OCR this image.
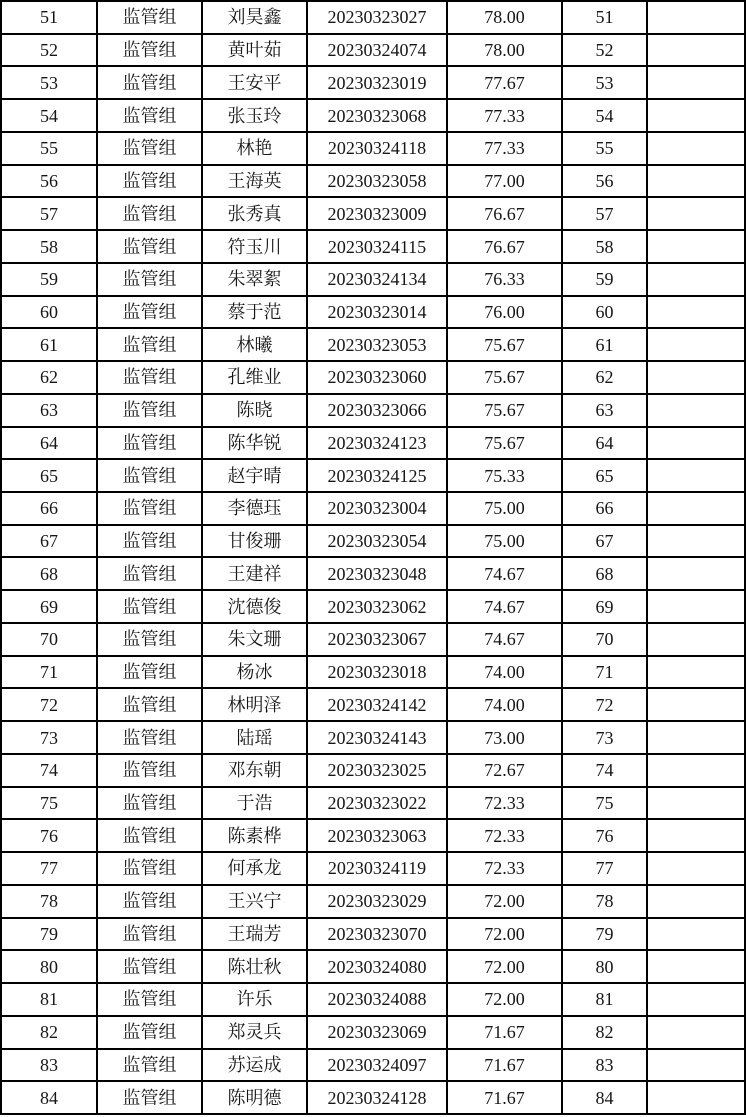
51	监管组	刘昊鑫	20230323027	78.00	51	
52	监管组	黄叶茹	20230324074	78.00	52	
53	监管组	王安平	20230323019	77.67	53	
54	监管组	张玉玲	20230323068	77.33	54	
55	监管组	林艳	20230324118	77.33	55	
56	监管组	王海英	20230323058	77.00	56	
57	监管组	张秀真	20230323009	76.67	57	
58	监管组	符玉川	20230324115	76.67	58	
59	监管组	朱翠絮	20230324134	76.33	59	
60	监管组	蔡于范	20230323014	76.00	60	
61	监管组	林曦	20230323053	75.67	61	
62	监管组	孔维业	20230323060	75.67	62	
63	监管组	陈晓	20230323066	75.67	63	
64	监管组	陈华锐	20230324123	75.67	64	
65	监管组	赵宇晴	20230324125	75.33	65	
66	监管组	李德珏	20230323004	75.00	66	
67	监管组	甘俊珊	20230323054	75.00	67	
68	监管组	王建祥	20230323048	74.67	68	
69	监管组	沈德俊	20230323062	74.67	69	
70	监管组	朱文珊	20230323067	74.67	70	
71	监管组	杨冰	20230323018	74.00	71	
72	监管组	林明泽	20230324142	74.00	72	
73	监管组	陆瑶	20230324143	73.00	73	
74	监管组	邓东朝	20230323025	72.67	74	
75	监管组	于浩	20230323022	72.33	75	
76	监管组	陈素桦	20230323063	72.33	76	
77	监管组	何承龙	20230324119	72.33	77	
78	监管组	王兴宁	20230323029	72.00	78	
79	监管组	王瑞芳	20230323070	72.00	79	
80	监管组	陈壮秋	20230324080	72.00	80	
81	监管组	许乐	20230324088	72.00	81	
82	监管组	郑灵兵	20230323069	71.67	82	
83	监管组	苏运成	20230324097	71.67	83	
84	监管组	陈明德	20230324128	71.67	84	
